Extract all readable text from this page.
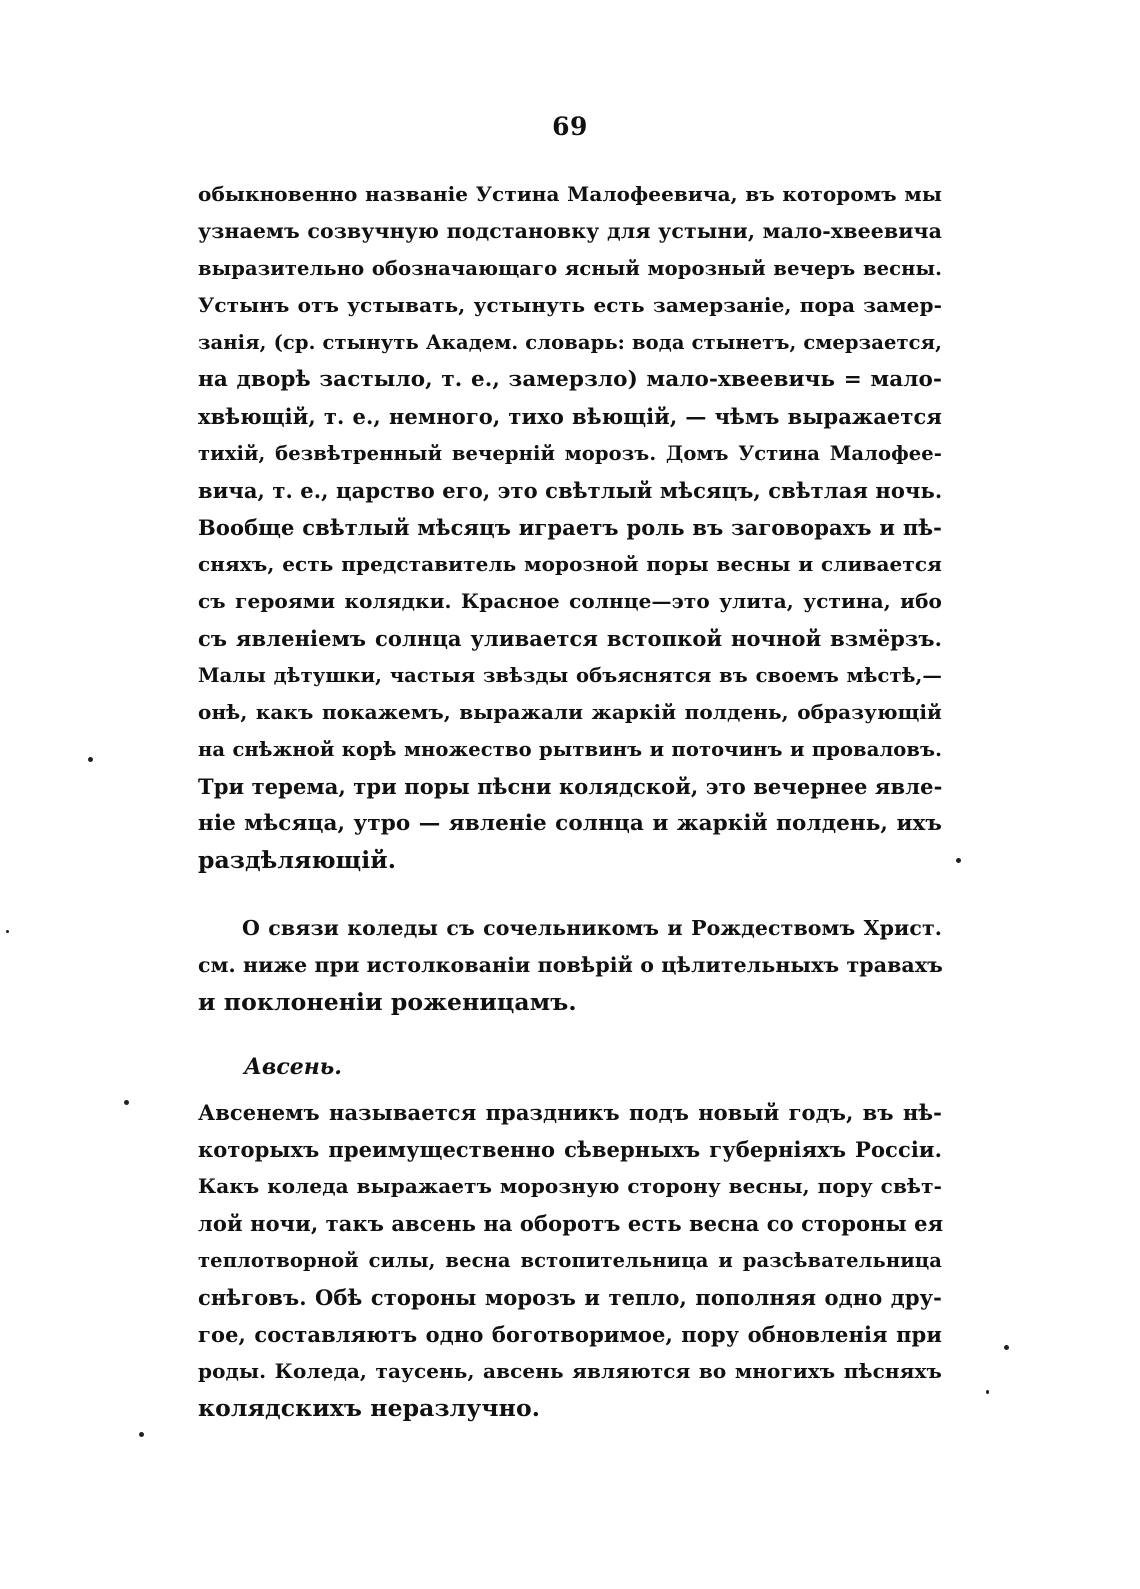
69
обыкновенно названіе Устина Малофеевича, въ которомъ мы
узнаемъ созвучную подстановку для устыни, мало-хвеевича
выразительно обозначающаго ясный морозный вечеръ весны.
Устынъ отъ устывать, устынуть есть замерзаніе, пора замер-
занія, (ср. стынуть Академ. словарь: вода стынетъ, смерзается,
на дворѣ застыло, т. е., замерзло) мало-хвеевичь = мало-
хвѣющій, т. е., немного, тихо вѣющій, — чѣмъ выражается
тихій, безвѣтренный вечерній морозъ. Домъ Устина Малофее-
вича, т. е., царство его, это свѣтлый мѣсяцъ, свѣтлая ночь.
Вообще свѣтлый мѣсяцъ играетъ роль въ заговорахъ и пѣ-
сняхъ, есть представитель морозной поры весны и сливается
съ героями колядки. Красное солнце—это улита, устина, ибо
съ явленіемъ солнца уливается встопкой ночной взмёрзъ.
Малы дѣтушки, частыя звѣзды объяснятся въ своемъ мѣстѣ,—
онѣ, какъ покажемъ, выражали жаркій полдень, образующій
на снѣжной корѣ множество рытвинъ и поточинъ и проваловъ.
Три терема, три поры пѣсни колядской, это вечернее явле-
ніе мѣсяца, утро — явленіе солнца и жаркій полдень, ихъ
раздѣляющій.
О связи коледы съ сочельникомъ и Рождествомъ Христ.
см. ниже при истолкованіи повѣрій о цѣлительныхъ травахъ
и поклоненіи роженицамъ.
Авсень.
Авсенемъ называется праздникъ подъ новый годъ, въ нѣ-
которыхъ преимущественно сѣверныхъ губерніяхъ Россіи.
Какъ коледа выражаетъ морозную сторону весны, пору свѣт-
лой ночи, такъ авсень на оборотъ есть весна со стороны ея
теплотворной силы, весна встопительница и разсѣвательница
снѣговъ. Обѣ стороны морозъ и тепло, пополняя одно дру-
гое, составляютъ одно боготворимое, пору обновленія при
роды. Коледа, таусень, авсень являются во многихъ пѣсняхъ
колядскихъ неразлучно.
